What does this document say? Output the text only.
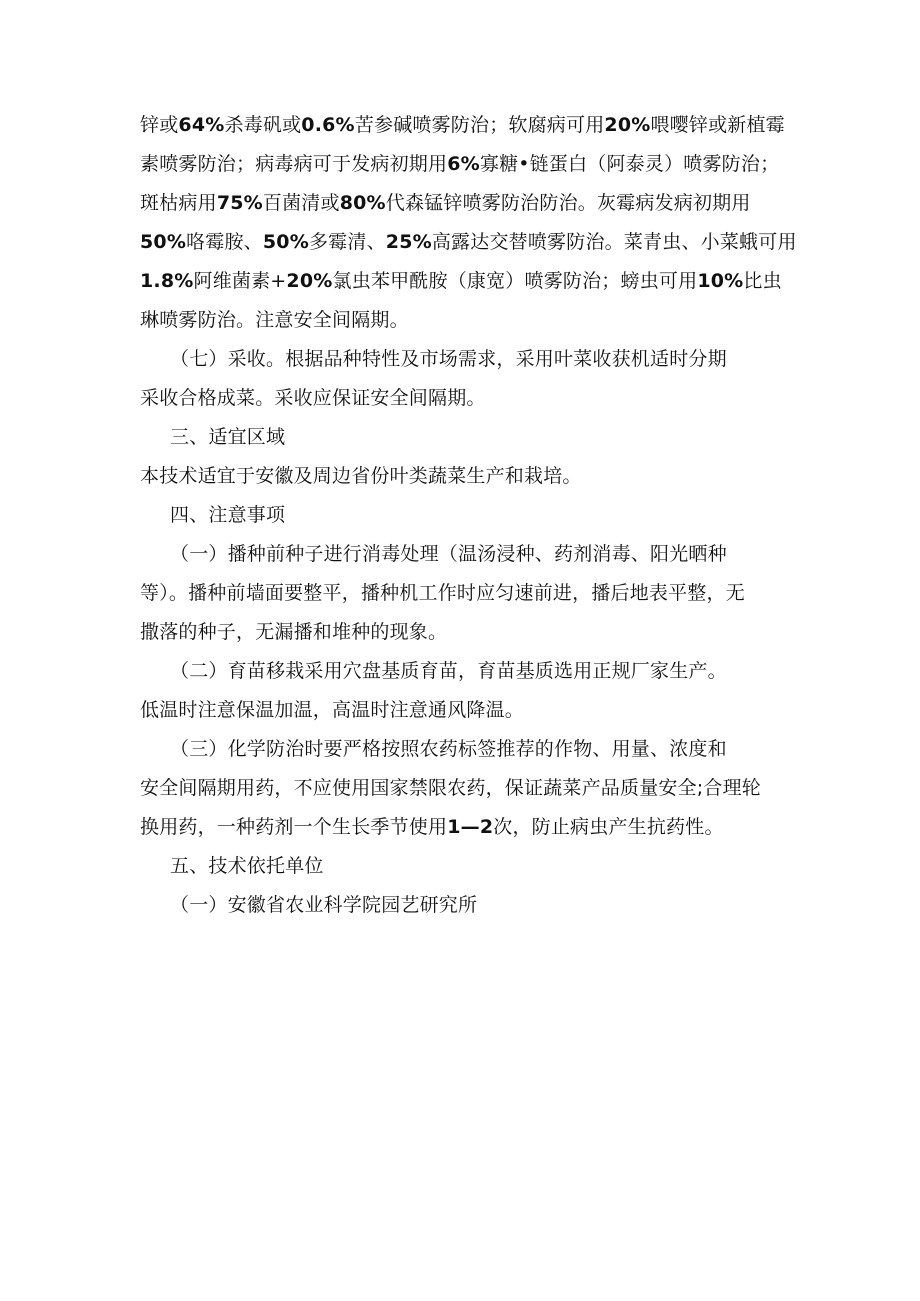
锌或64%杀毒矾或0.6%苦参碱喷雾防治；软腐病可用20%喂嘤锌或新植霉
素喷雾防治；病毒病可于发病初期用6%寡糖•链蛋白（阿泰灵）喷雾防治；
斑枯病用75%百菌清或80%代森锰锌喷雾防治防治。灰霉病发病初期用
50%咯霉胺、50%多霉清、25%高露达交替喷雾防治。菜青虫、小菜蛾可用
1.8%阿维菌素+20%氯虫苯甲酰胺（康宽）喷雾防治；螃虫可用10%比虫
琳喷雾防治。注意安全间隔期。
（七）采收。根据品种特性及市场需求，采用叶菜收获机适时分期
采收合格成菜。采收应保证安全间隔期。
三、适宜区域
本技术适宜于安徽及周边省份叶类蔬菜生产和栽培。
四、注意事项
（一）播种前种子进行消毒处理（温汤浸种、药剂消毒、阳光晒种
等）。播种前墙面要整平，播种机工作时应匀速前进，播后地表平整，无
撒落的种子，无漏播和堆种的现象。
（二）育苗移栽采用穴盘基质育苗，育苗基质选用正规厂家生产。
低温时注意保温加温，高温时注意通风降温。
（三）化学防治时要严格按照农药标签推荐的作物、用量、浓度和
安全间隔期用药，不应使用国家禁限农药，保证蔬菜产品质量安全;合理轮
换用药，一种药剂一个生长季节使用1—2次，防止病虫产生抗药性。
五、技术依托单位
（一）安徽省农业科学院园艺研究所
